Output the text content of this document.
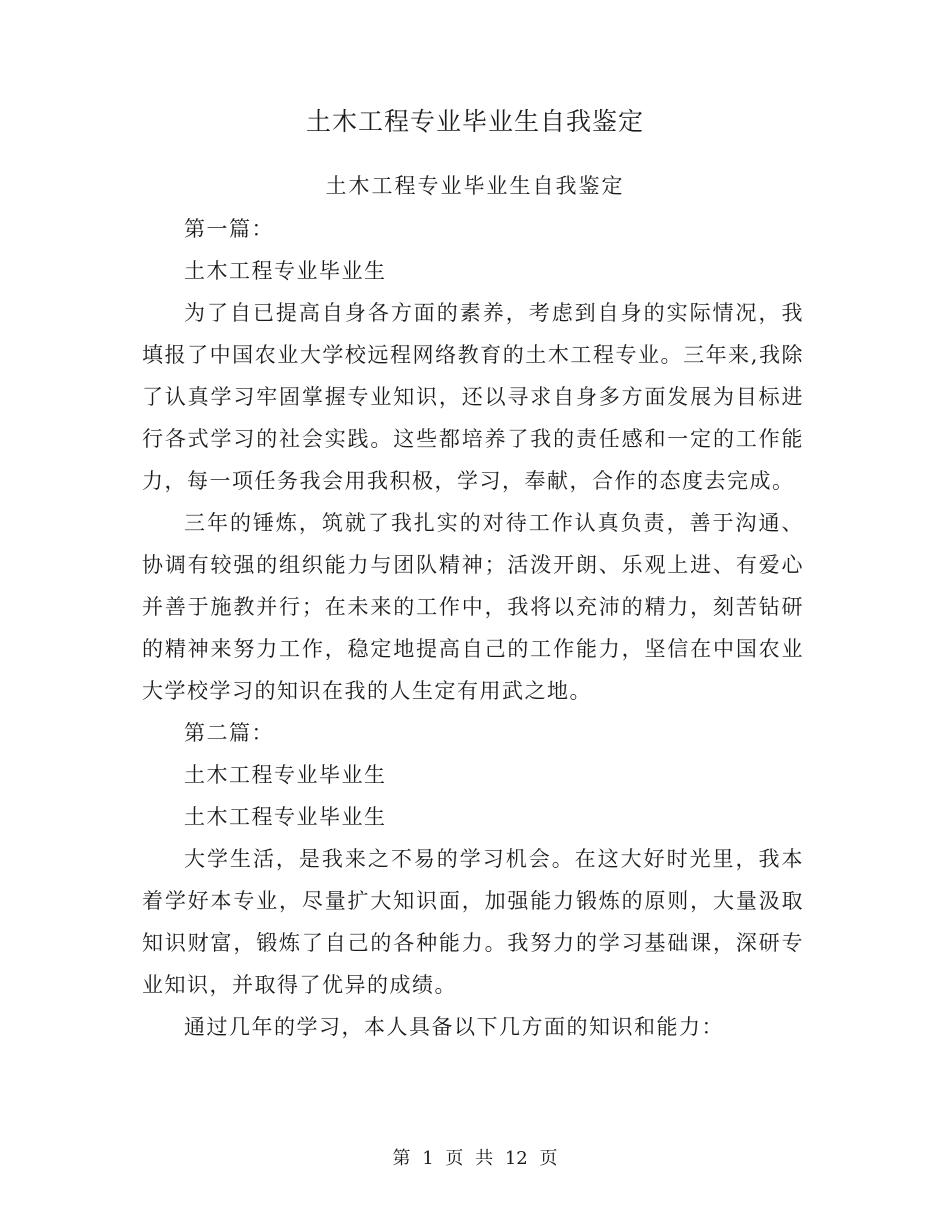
土木工程专业毕业生自我鉴定
土木工程专业毕业生自我鉴定

第一篇：

土木工程专业毕业生

为了自已提高自身各方面的素养，考虑到自身的实际情况，我填报了中国农业大学校远程网络教育的土木工程专业。三年来,我除了认真学习牢固掌握专业知识，还以寻求自身多方面发展为目标进行各式学习的社会实践。这些都培养了我的责任感和一定的工作能力，每一项任务我会用我积极，学习，奉献，合作的态度去完成。

三年的锤炼，筑就了我扎实的对待工作认真负责，善于沟通、协调有较强的组织能力与团队精神；活泼开朗、乐观上进、有爱心并善于施教并行；在未来的工作中，我将以充沛的精力，刻苦钻研的精神来努力工作，稳定地提高自己的工作能力，坚信在中国农业大学校学习的知识在我的人生定有用武之地。

第二篇：

土木工程专业毕业生

土木工程专业毕业生

大学生活，是我来之不易的学习机会。在这大好时光里，我本着学好本专业，尽量扩大知识面，加强能力锻炼的原则，大量汲取知识财富，锻炼了自己的各种能力。我努力的学习基础课，深研专业知识，并取得了优异的成绩。

通过几年的学习，本人具备以下几方面的知识和能力：

第 1 页 共 12 页
